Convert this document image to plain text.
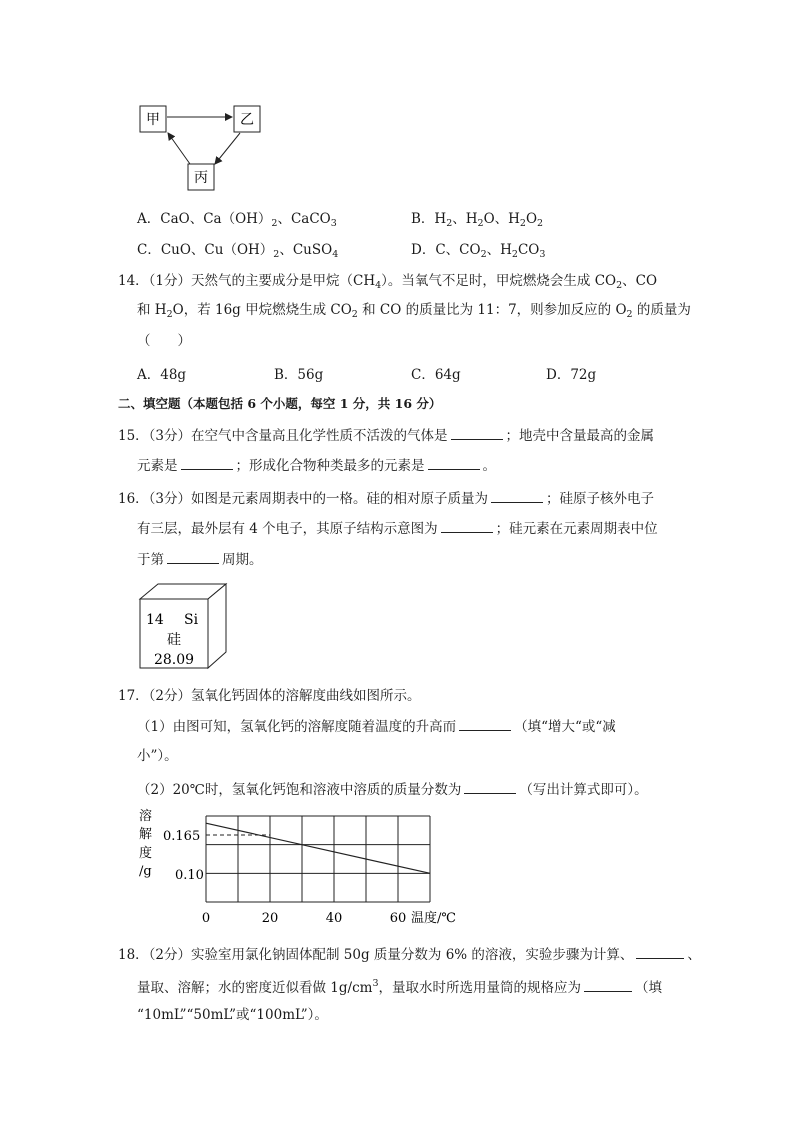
甲	乙
丙
A．CaO、$Ca(OH)_2$、CaCO$_3$	B．$H_2$、$H_2O$、$H_2O_2$
C．CuO、$Cu(OH)_2$、CuSO$_4$	D．C、$CO_2$、$H_2CO_3$
14．（1分）天然气的主要成分是甲烷$(CH_4)$。当氧气不足时，甲烷燃烧会生成 $CO_2$、CO
和 $H_2O$，若 16g 甲烷燃烧生成 $CO_2$ 和 CO 的质量比为 11：7，则参加反应的 $O_2$ 的质量为
（　　）
A．48g	B．56g	C．64g	D．72g
二、填空题（本题包括 6 个小题，每空 1 分，共 16 分）
15．（3分）在空气中含量高且化学性质不活泼的气体是	；地壳中含量最高的金属
元素是	；形成化合物种类最多的元素是	。
16．（3分）如图是元素周期表中的一格。硅的相对原子质量为	；硅原子核外电子
有三层，最外层有 4 个电子，其原子结构示意图为	；硅元素在元素周期表中位
于第	周期。
14 Si
硅
28.09
17．（2分）氢氧化钙固体的溶解度曲线如图所示。
（1）由图可知，氢氧化钙的溶解度随着温度的升高而	（填“增大“或“减
小”）。
（2）20℃时，氢氧化钙饱和溶液中溶质的质量分数为	（写出计算式即可）。
溶
解
度
/g
0.165
0.10
0	20	40	60 温度/℃
18．（2分）实验室用氯化钠固体配制 50g 质量分数为 6% 的溶液，实验步骤为计算、	、
量取、溶解；水的密度近似看做 $1g/cm^3$，量取水时所选用量筒的规格应为	（填
“10mL”“50mL”或“100mL”）。
